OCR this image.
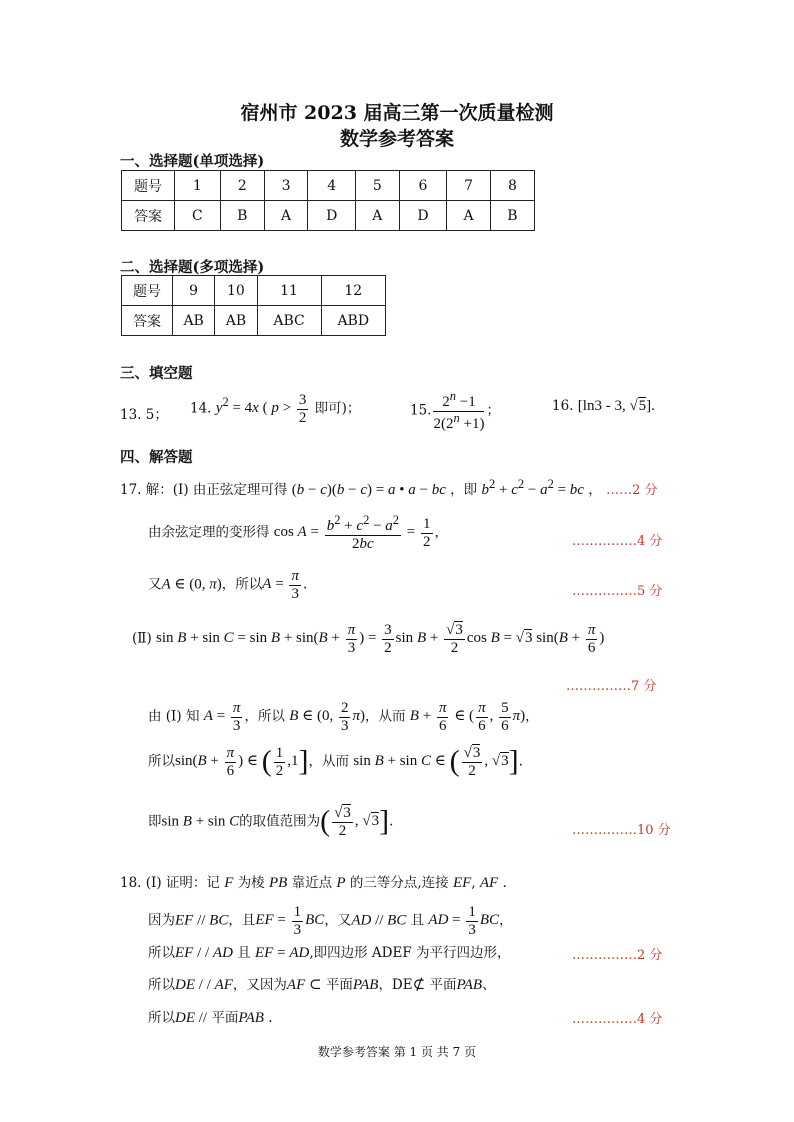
宿州市 2023 届高三第一次质量检测
数学参考答案
一、选择题(单项选择)
题号	1	2	3	4	5	6	7	8
答案	C	B	A	D	A	D	A	B
二、选择题(多项选择)
题号	9	10	11	12
答案	AB	AB	ABC	ABD
三、填空题
13. 5； 14. $y^2 = 4x$ ( $p > \frac{3}{2}$ 即可)；	15. $\frac{2^n -1}{2(2^n +1)}$ ；	16. [ln3 - 3, √5].
四、解答题
17. 解：(Ⅰ) 由正弦定理可得 (b − c)(b − c) = a • a − bc ，即 $b^2 + c^2 - a^2$ = bc ， ……2 分
由余弦定理的变形得 $\cos A = \frac{b^2 + c^2 - a^2}{2bc} = \frac{1}{2}$ ，
……………4 分
又A ∈ (0, π)，所以$A = \frac{\pi}{3}$ .	……………5 分
(Ⅱ) $\sin B + \sin C = \sin B + \sin(B + \frac{\pi}{3}$ ) = $\frac{3}{2}$ $\sin B + \frac{√3}{2}$ cos B = √3 $\sin(B + \frac{\pi}{6}$ )
……………7 分
由 (Ⅰ) 知 $A = \frac{\pi}{3}$ ，所以 B ∈ (0, $\frac{2}{3} \pi$)，从而 $B + \frac{\pi}{6}$ ∈ ( $\frac{\pi}{6}$ , $\frac{5}{6} \pi$)，
所以$\sin(B + \frac{\pi}{6}$ ) ∈ ( $\frac{1}{2} ,1$]，从而 sin B + sin C ∈ ( $\frac{√3}{2}$ , √3].
即sin B + sin C的取值范围为( $\frac{√3}{2}$ , √3].
……………10 分
18. (Ⅰ) 证明：记 F 为棱 PB 靠近点 P 的三等分点,连接 EF, AF .
因为EF // BC，且EF = $\frac{1}{3}$ BC，又AD // BC 且 AD = $\frac{1}{3}$ BC，
所以EF / / AD 且 EF = AD,即四边形 ADEF 为平行四边形，	……………2 分
所以DE / / AF，又因为AF ⊂ 平面PAB，DE⊄ 平面PAB、
所以DE // 平面PAB .	……………4 分
数学参考答案 第 1 页 共 7 页
